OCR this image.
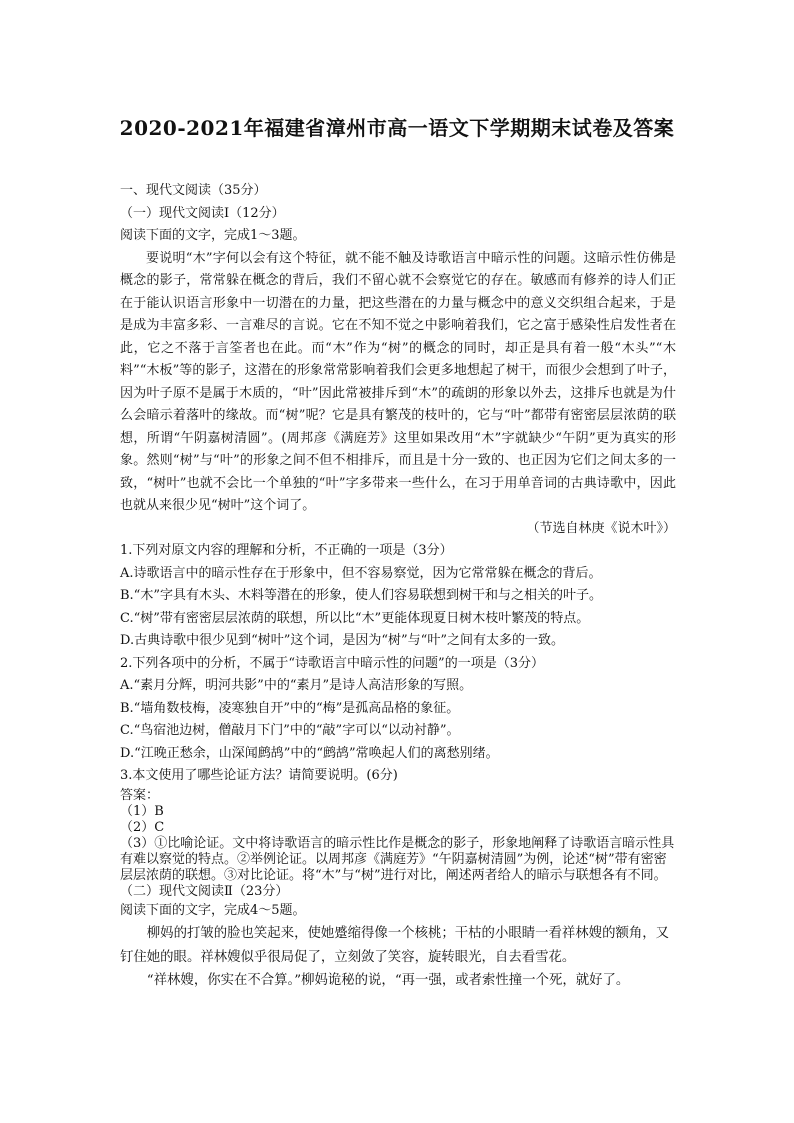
2020-2021年福建省漳州市高一语文下学期期末试卷及答案

一、现代文阅读（35分）

（一）现代文阅读Ⅰ（12分）

阅读下面的文字，完成1～3题。

要说明“木”字何以会有这个特征，就不能不触及诗歌语言中暗示性的问题。这暗示性仿佛是概念的影子，常常躲在概念的背后，我们不留心就不会察觉它的存在。敏感而有修养的诗人们正在于能认识语言形象中一切潜在的力量，把这些潜在的力量与概念中的意义交织组合起来，于是是成为丰富多彩、一言难尽的言说。它在不知不觉之中影响着我们，它之富于感染性启发性者在此，它之不落于言筌者也在此。而“木”作为“树”的概念的同时，却正是具有着一般“木头”“木料”“木板”等的影子，这潜在的形象常常影响着我们会更多地想起了树干，而很少会想到了叶子，因为叶子原不是属于木质的，“叶”因此常被排斥到“木”的疏朗的形象以外去，这排斥也就是为什么会暗示着落叶的缘故。而“树”呢？它是具有繁茂的枝叶的，它与“叶”都带有密密层层浓荫的联想，所谓“午阴嘉树清圆”。(周邦彦《满庭芳》这里如果改用“木”字就缺少“午阴”更为真实的形象。然则“树”与“叶”的形象之间不但不相排斥，而且是十分一致的、也正因为它们之间太多的一致，“树叶”也就不会比一个单独的“叶”字多带来一些什么，在习于用单音词的古典诗歌中，因此也就从来很少见“树叶”这个词了。

（节选自林庚《说木叶》）

1.下列对原文内容的理解和分析，不正确的一项是（3分）

A.诗歌语言中的暗示性存在于形象中，但不容易察觉，因为它常常躲在概念的背后。

B.“木”字具有木头、木料等潜在的形象，使人们容易联想到树干和与之相关的叶子。

C.“树”带有密密层层浓荫的联想，所以比“木”更能体现夏日树木枝叶繁茂的特点。

D.古典诗歌中很少见到“树叶”这个词，是因为“树”与“叶”之间有太多的一致。

2.下列各项中的分析，不属于“诗歌语言中暗示性的问题”的一项是（3分）

A.“素月分辉，明河共影”中的“素月”是诗人高洁形象的写照。

B.“墙角数枝梅，凌寒独自开”中的“梅”是孤高品格的象征。

C.“鸟宿池边树，僧敲月下门”中的“敲”字可以“以动衬静”。

D.“江晚正愁余，山深闻鹧鸪”中的“鹧鸪”常唤起人们的离愁别绪。

3.本文使用了哪些论证方法？请简要说明。(6分)

答案：

（1）B

（2）C

（3）①比喻论证。文中将诗歌语言的暗示性比作是概念的影子，形象地阐释了诗歌语言暗示性具有难以察觉的特点。②举例论证。以周邦彦《满庭芳》“午阴嘉树清圆”为例，论述“树”带有密密层层浓荫的联想。③对比论证。将“木”与“树”进行对比，阐述两者给人的暗示与联想各有不同。

（二）现代文阅读Ⅱ（23分）

阅读下面的文字，完成4～5题。

柳妈的打皱的脸也笑起来，使她蹙缩得像一个核桃；干枯的小眼睛一看祥林嫂的额角，又钉住她的眼。祥林嫂似乎很局促了，立刻敛了笑容，旋转眼光，自去看雪花。

“祥林嫂，你实在不合算。”柳妈诡秘的说，“再一强，或者索性撞一个死，就好了。
